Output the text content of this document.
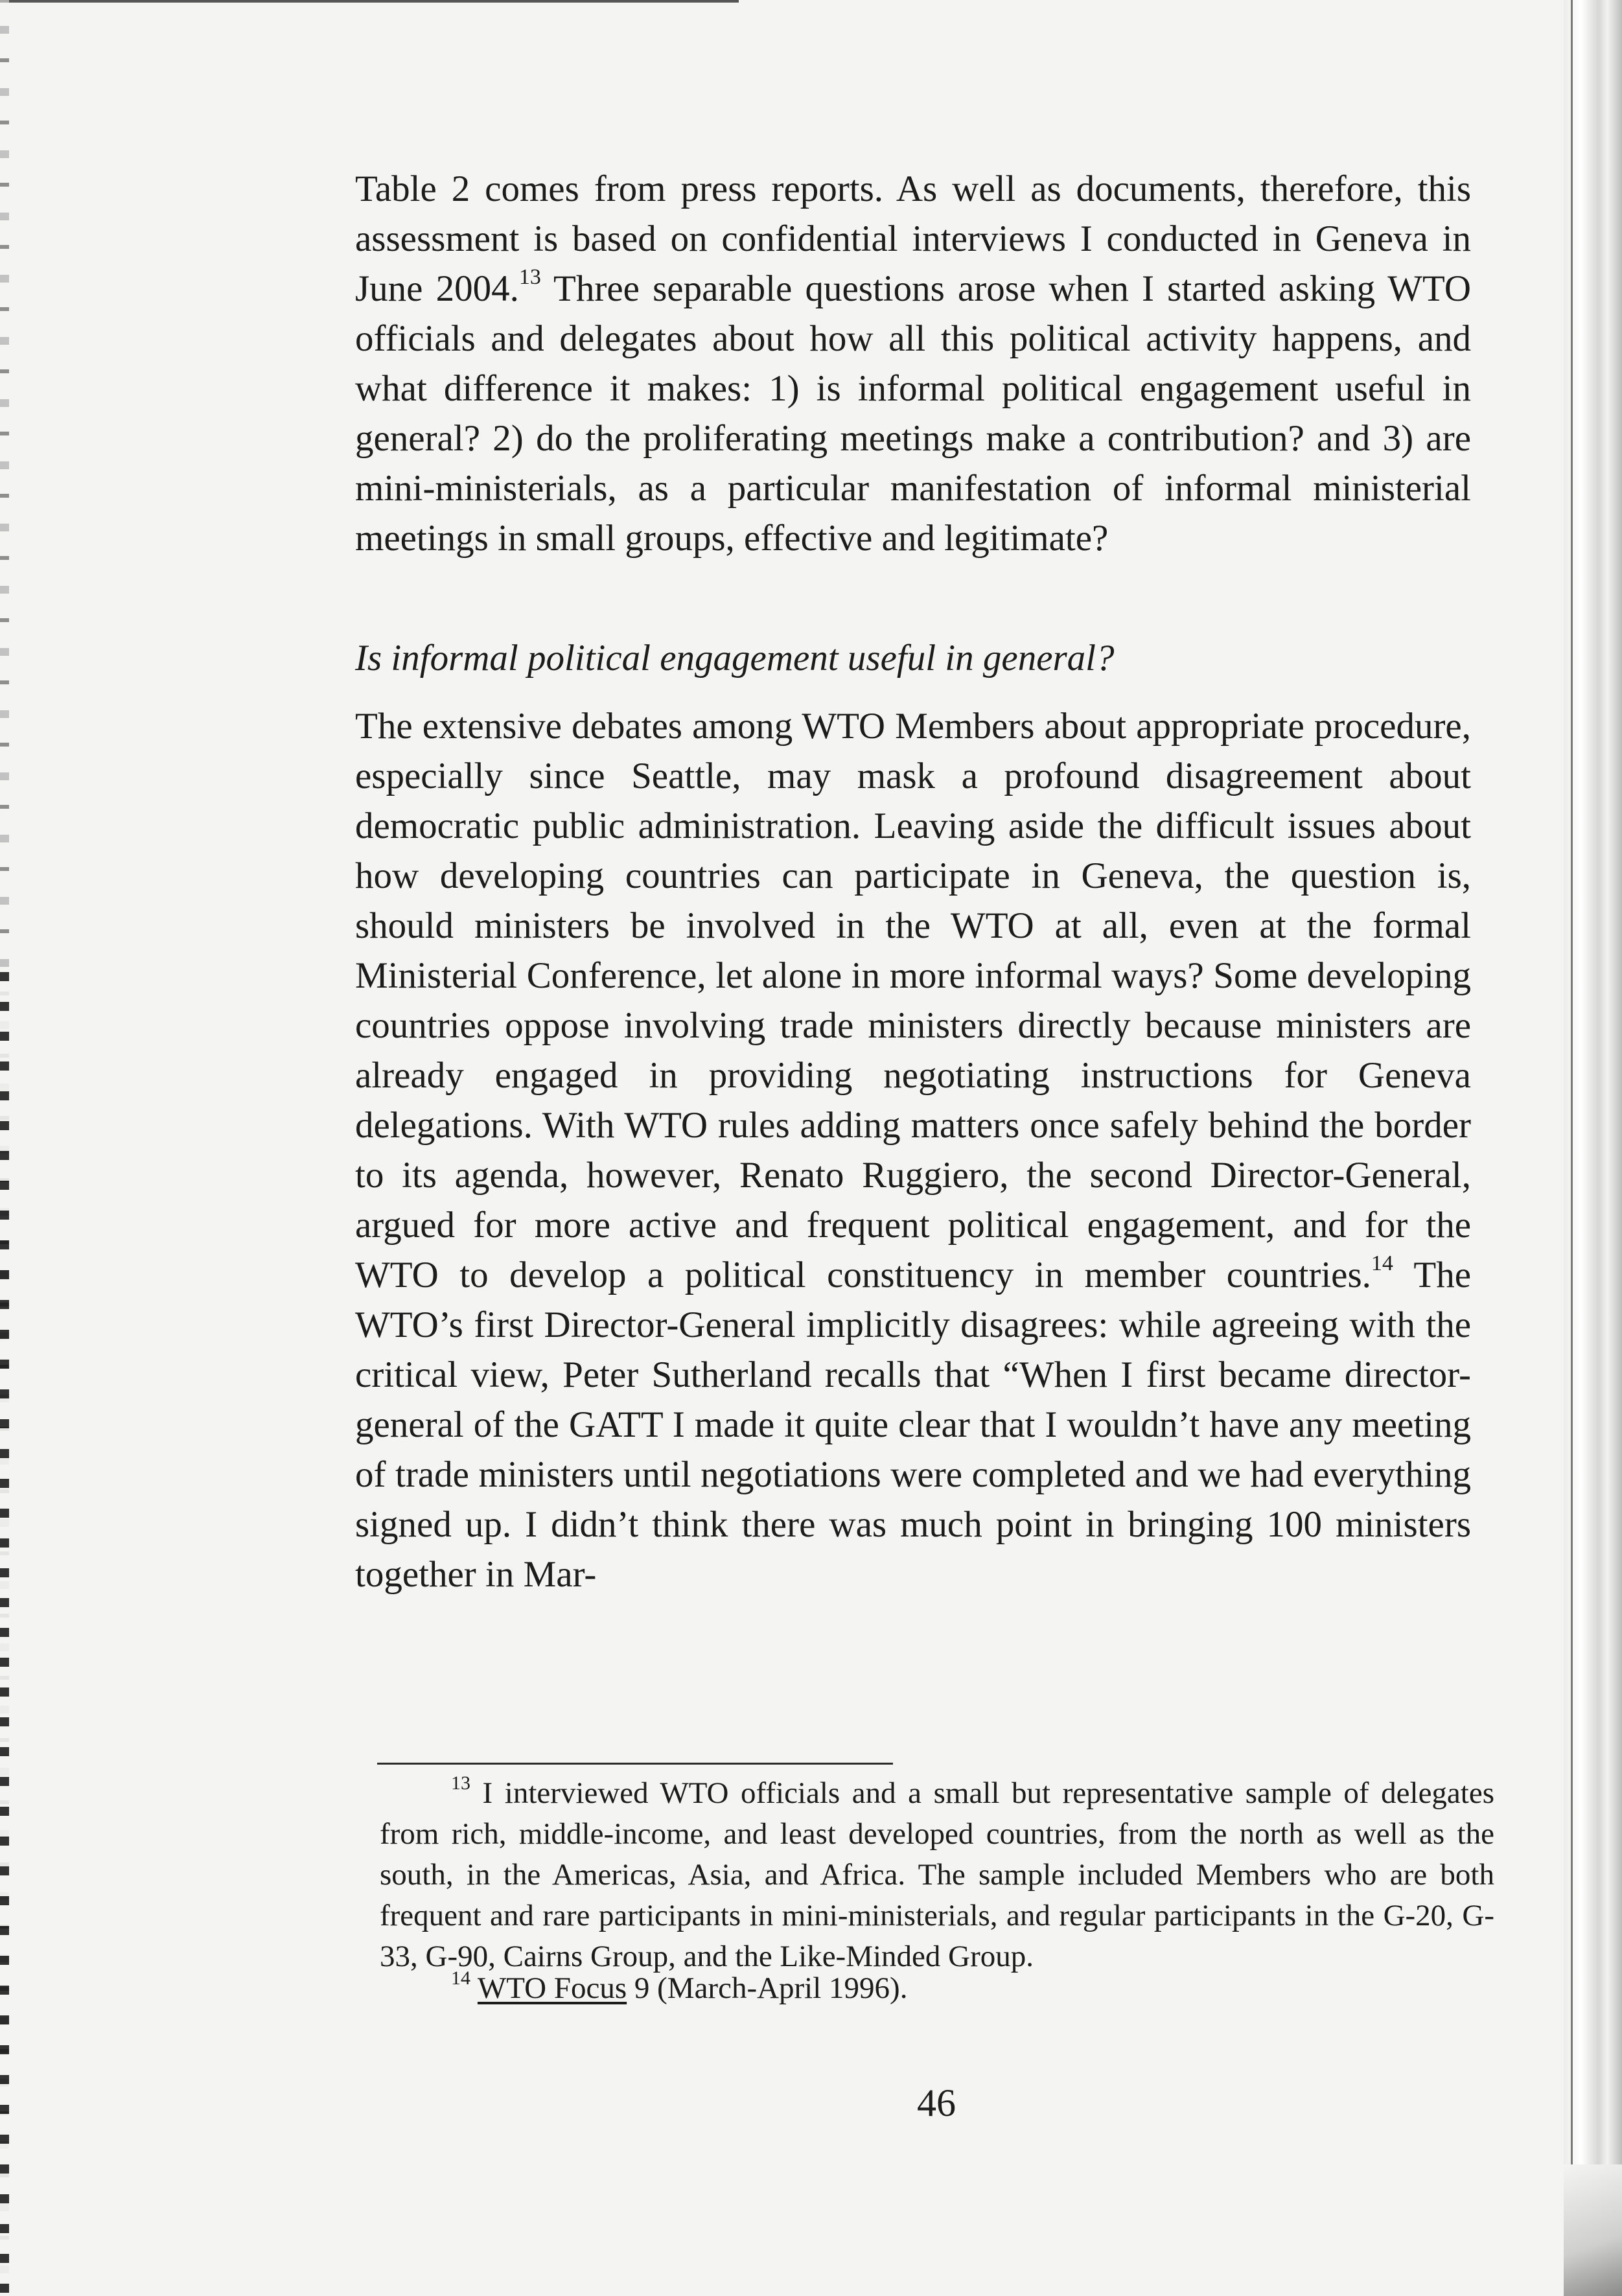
Table 2 comes from press reports. As well as documents, therefore, this assessment is based on confidential interviews I conducted in Geneva in June 2004.13 Three separable questions arose when I started asking WTO officials and delegates about how all this political activity happens, and what difference it makes: 1) is informal political engagement useful in general? 2) do the proliferating meetings make a contribution? and 3) are mini-ministerials, as a particular manifestation of informal ministerial meetings in small groups, effective and legitimate?

Is informal political engagement useful in general?

The extensive debates among WTO Members about appropriate procedure, especially since Seattle, may mask a profound disagreement about democratic public administration. Leaving aside the difficult issues about how developing countries can participate in Geneva, the question is, should ministers be involved in the WTO at all, even at the formal Ministerial Conference, let alone in more informal ways? Some developing countries oppose involving trade ministers directly because ministers are already engaged in providing negotiating instructions for Geneva delegations. With WTO rules adding matters once safely behind the border to its agenda, however, Renato Ruggiero, the second Director-General, argued for more active and frequent political engagement, and for the WTO to develop a political constituency in member countries.$^{14}$ The WTO’s first Director-General implicitly disagrees: while agreeing with the critical view, Peter Sutherland recalls that “When I first became director-general of the GATT I made it quite clear that I wouldn’t have any meeting of trade ministers until negotiations were completed and we had everything signed up. I didn’t think there was much point in bringing 100 ministers together in Mar-

$^{13}$ I interviewed WTO officials and a small but representative sample of delegates from rich, middle-income, and least developed countries, from the north as well as the south, in the Americas, Asia, and Africa. The sample included Members who are both frequent and rare participants in mini-ministerials, and regular participants in the G-20, G-33, G-90, Cairns Group, and the Like-Minded Group.

$^{14}$ WTO Focus 9 (March-April 1996).

46
